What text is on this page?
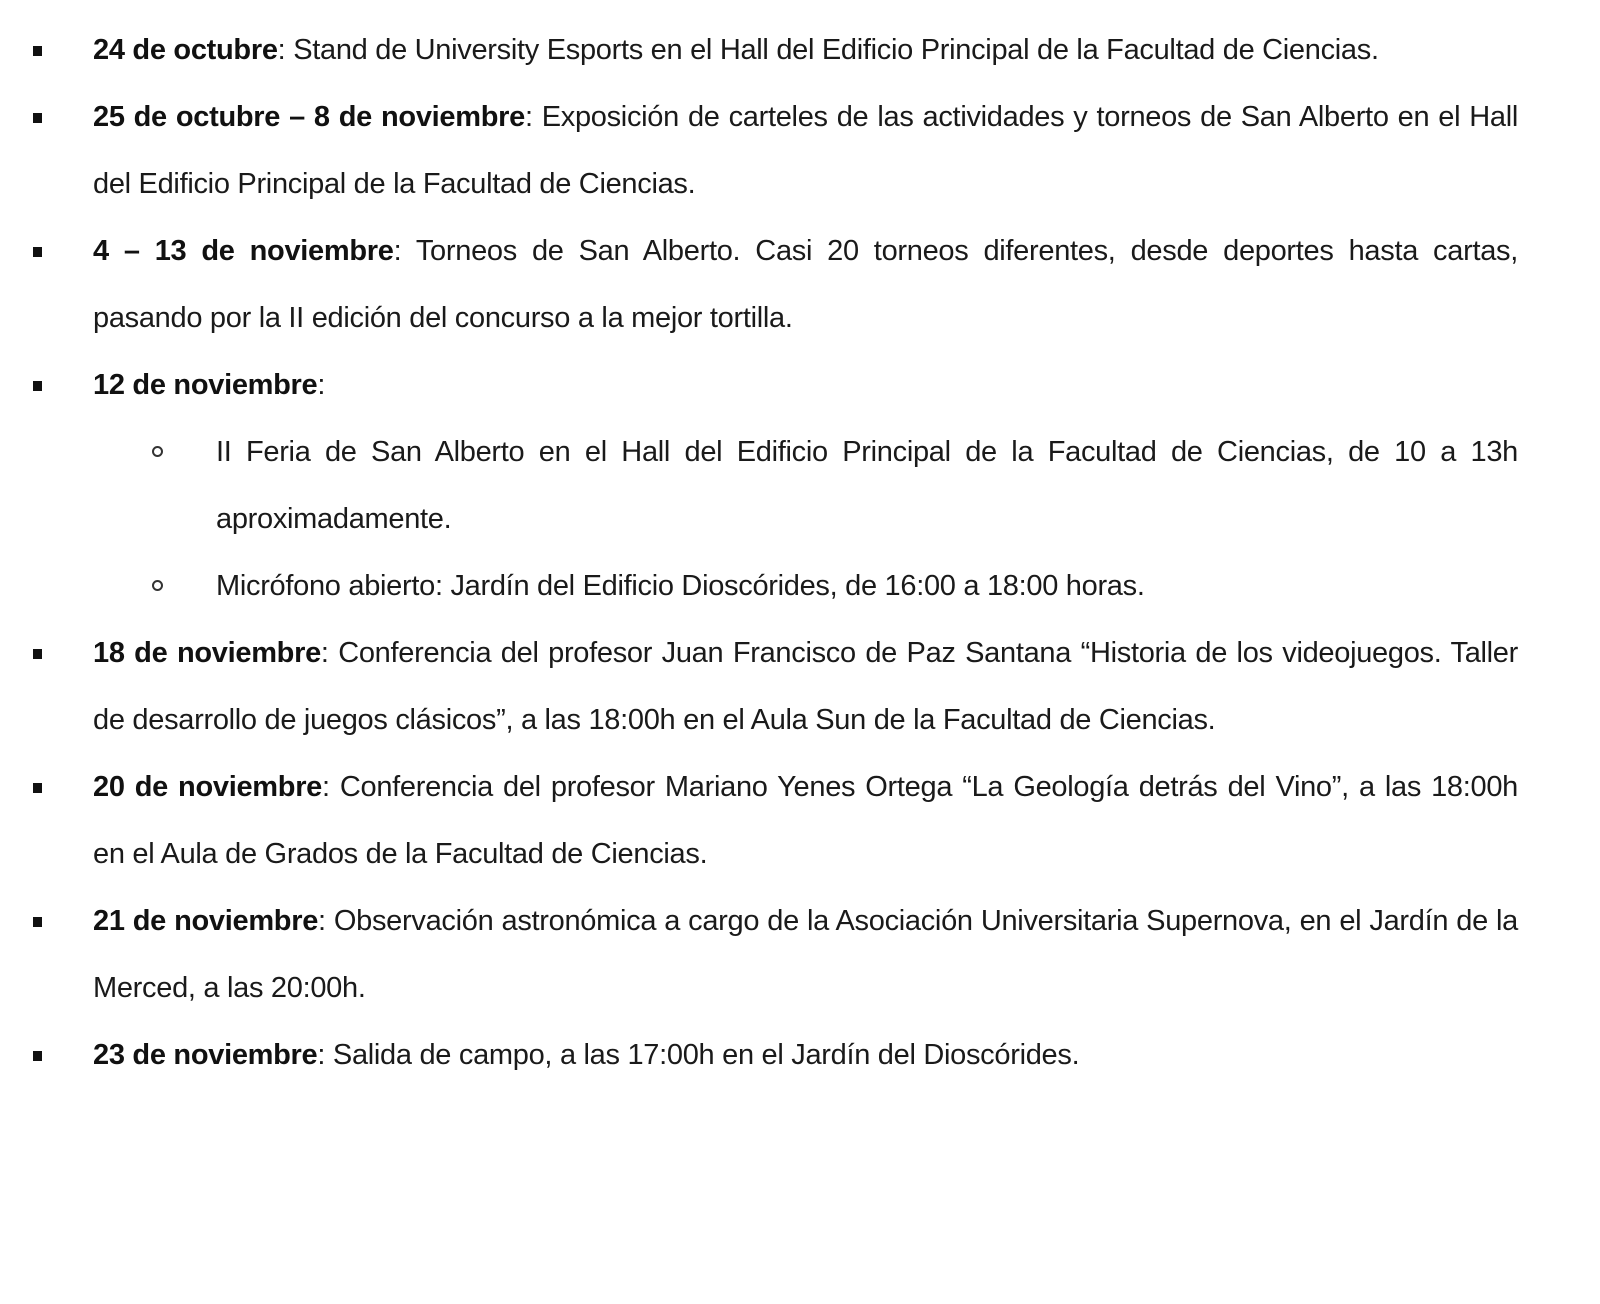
24 de octubre: Stand de University Esports en el Hall del Edificio Principal de la Facultad de Ciencias.
25 de octubre – 8 de noviembre: Exposición de carteles de las actividades y torneos de San Alberto en el Hall del Edificio Principal de la Facultad de Ciencias.
4 – 13 de noviembre: Torneos de San Alberto. Casi 20 torneos diferentes, desde deportes hasta cartas, pasando por la II edición del concurso a la mejor tortilla.
12 de noviembre:
II Feria de San Alberto en el Hall del Edificio Principal de la Facultad de Ciencias, de 10 a 13h aproximadamente.
Micrófono abierto: Jardín del Edificio Dioscórides, de 16:00 a 18:00 horas.
18 de noviembre: Conferencia del profesor Juan Francisco de Paz Santana “Historia de los videojuegos. Taller de desarrollo de juegos clásicos”, a las 18:00h en el Aula Sun de la Facultad de Ciencias.
20 de noviembre: Conferencia del profesor Mariano Yenes Ortega “La Geología detrás del Vino”, a las 18:00h en el Aula de Grados de la Facultad de Ciencias.
21 de noviembre: Observación astronómica a cargo de la Asociación Universitaria Supernova, en el Jardín de la Merced, a las 20:00h.
23 de noviembre: Salida de campo, a las 17:00h en el Jardín del Dioscórides.
